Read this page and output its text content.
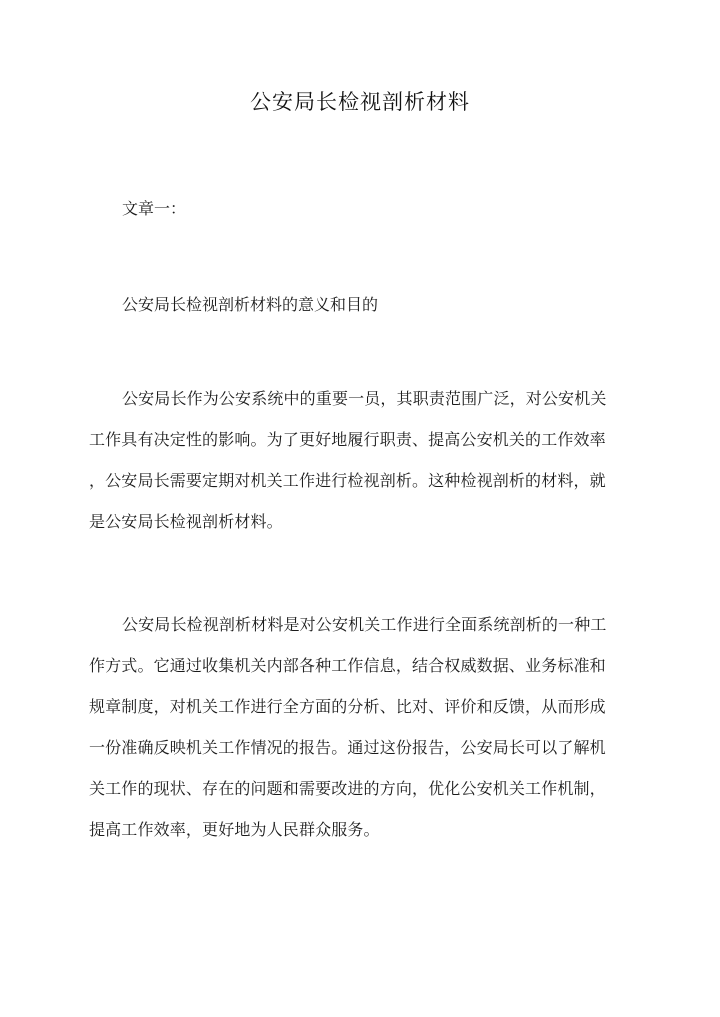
公安局长检视剖析材料
文章一：
公安局长检视剖析材料的意义和目的
公安局长作为公安系统中的重要一员，其职责范围广泛，对公安机关
工作具有决定性的影响。为了更好地履行职责、提高公安机关的工作效率
，公安局长需要定期对机关工作进行检视剖析。这种检视剖析的材料，就
是公安局长检视剖析材料。
公安局长检视剖析材料是对公安机关工作进行全面系统剖析的一种工
作方式。它通过收集机关内部各种工作信息，结合权威数据、业务标准和
规章制度，对机关工作进行全方面的分析、比对、评价和反馈，从而形成
一份准确反映机关工作情况的报告。通过这份报告，公安局长可以了解机
关工作的现状、存在的问题和需要改进的方向，优化公安机关工作机制，
提高工作效率，更好地为人民群众服务。
